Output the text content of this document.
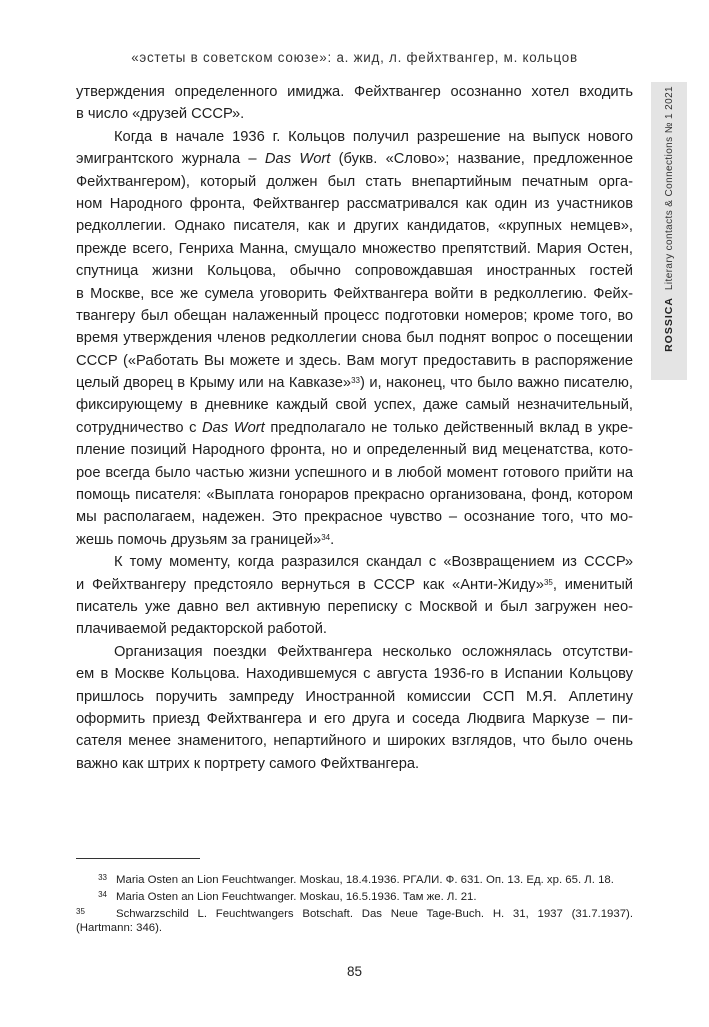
«эстеты в советском союзе»: а. жид, л. фейхтвангер, м. кольцов
ROSSICA
Literary contacts & Connections № 1 2021
утверждения определенного имиджа. Фейхтвангер осознанно хотел входить
в число «друзей СССР».
Когда в начале 1936 г. Кольцов получил разрешение на выпуск нового
эмигрантского журнала – Das Wort (букв. «Слово»; название, предложенное
Фейхтвангером), который должен был стать внепартийным печатным орга-
ном Народного фронта, Фейхтвангер рассматривался как один из участников
редколлегии. Однако писателя, как и других кандидатов, «крупных немцев»,
прежде всего, Генриха Манна, смущало множество препятствий. Мария Остен,
спутница жизни Кольцова, обычно сопровождавшая иностранных гостей
в Москве, все же сумела уговорить Фейхтвангера войти в редколлегию. Фейх-
твангеру был обещан налаженный процесс подготовки номеров; кроме того, во
время утверждения членов редколлегии снова был поднят вопрос о посещении
СССР («Работать Вы можете и здесь. Вам могут предоставить в распоряжение
целый дворец в Крыму или на Кавказе»$^{33}$) и, наконец, что было важно писателю,
фиксирующему в дневнике каждый свой успех, даже самый незначительный,
сотрудничество с Das Wort предполагало не только действенный вклад в укре-
пление позиций Народного фронта, но и определенный вид меценатства, кото-
рое всегда было частью жизни успешного и в любой момент готового прийти на
помощь писателя: «Выплата гонораров прекрасно организована, фонд, котором
мы располагаем, надежен. Это прекрасное чувство – осознание того, что мо-
жешь помочь друзьям за границей»$^{34}$.
К тому моменту, когда разразился скандал с «Возвращением из СССР»
и Фейхтвангеру предстояло вернуться в СССР как «Анти-Жиду»$^{35}$, именитый
писатель уже давно вел активную переписку с Москвой и был загружен нео-
плачиваемой редакторской работой.
Организация поездки Фейхтвангера несколько осложнялась отсутстви-
ем в Москве Кольцова. Находившемуся с августа 1936-го в Испании Кольцову
пришлось поручить зампреду Иностранной комиссии ССП М.Я. Аплетину
оформить приезд Фейхтвангера и его друга и соседа Людвига Маркузе – пи-
сателя менее знаменитого, непартийного и широких взглядов, что было очень
важно как штрих к портрету самого Фейхтвангера.
33 Maria Osten an Lion Feuchtwanger. Moskau, 18.4.1936. РГАЛИ. Ф. 631. Оп. 13. Ед. хр. 65. Л. 18.
34 Maria Osten an Lion Feuchtwanger. Moskau, 16.5.1936. Там же. Л. 21.
35	Schwarzschild L. Feuchtwangers Botschaft. Das Neue Tage-Buch. H. 31, 1937 (31.7.1937).
(Hartmann: 346).
85
